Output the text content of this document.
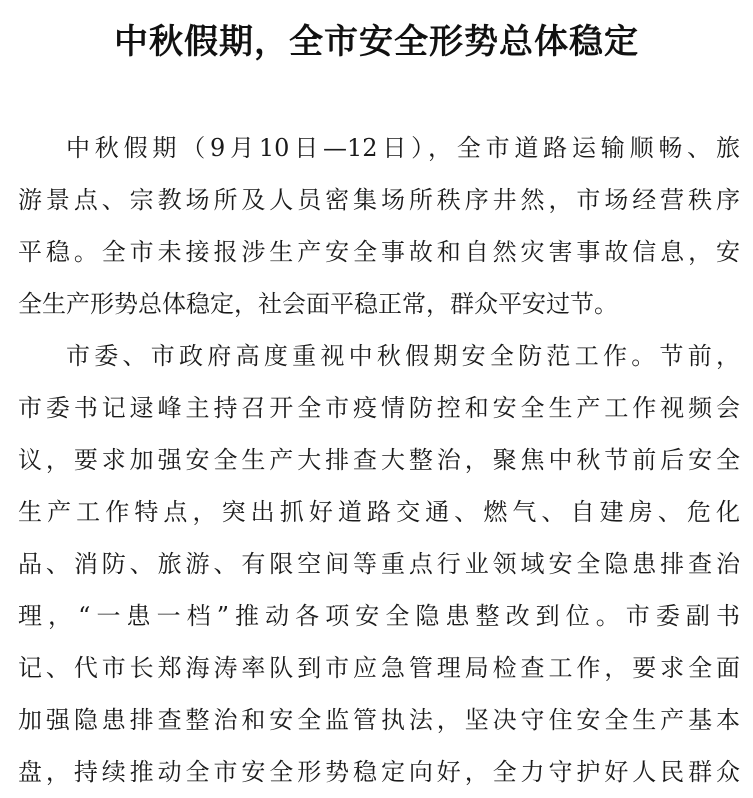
中秋假期，全市安全形势总体稳定

中秋假期（9月10日—12日），全市道路运输顺畅、旅
游景点、宗教场所及人员密集场所秩序井然，市场经营秩序
平稳。全市未接报涉生产安全事故和自然灾害事故信息，安
全生产形势总体稳定，社会面平稳正常，群众平安过节。

市委、市政府高度重视中秋假期安全防范工作。节前，
市委书记逯峰主持召开全市疫情防控和安全生产工作视频会
议，要求加强安全生产大排查大整治，聚焦中秋节前后安全
生产工作特点，突出抓好道路交通、燃气、自建房、危化
品、消防、旅游、有限空间等重点行业领域安全隐患排查治
理，“一患一档”推动各项安全隐患整改到位。市委副书
记、代市长郑海涛率队到市应急管理局检查工作，要求全面
加强隐患排查整治和安全监管执法，坚决守住安全生产基本
盘，持续推动全市安全形势稳定向好，全力守护好人民群众
